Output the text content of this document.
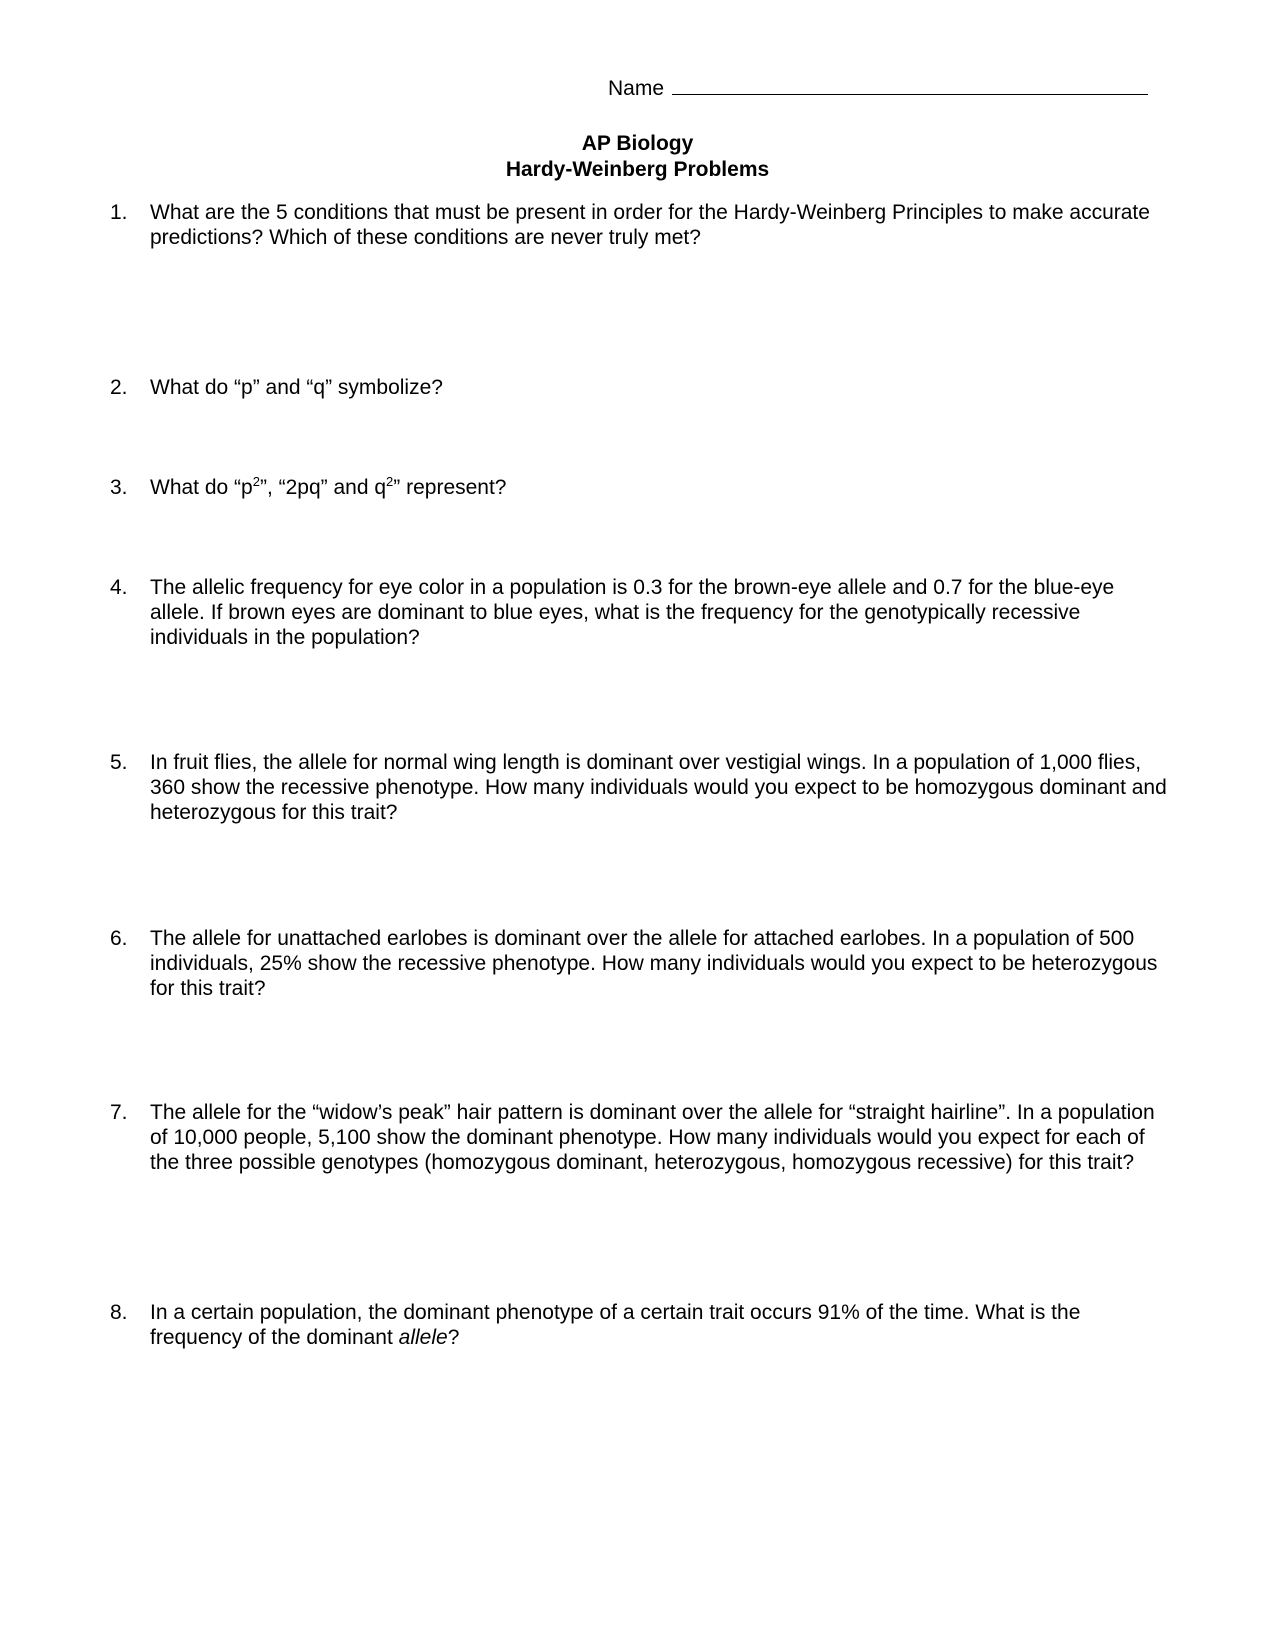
Name
AP Biology
Hardy-Weinberg Problems
1.	What are the 5 conditions that must be present in order for the Hardy-Weinberg Principles to make accurate predictions? Which of these conditions are never truly met?
2.	What do “p” and “q” symbolize?
3.	What do “$p^2$”, “2pq” and $q^2$” represent?
4.	The allelic frequency for eye color in a population is 0.3 for the brown-eye allele and 0.7 for the blue-eye allele. If brown eyes are dominant to blue eyes, what is the frequency for the genotypically recessive individuals in the population?
5.	In fruit flies, the allele for normal wing length is dominant over vestigial wings. In a population of 1,000 flies, 360 show the recessive phenotype. How many individuals would you expect to be homozygous dominant and heterozygous for this trait?
6.	The allele for unattached earlobes is dominant over the allele for attached earlobes. In a population of 500 individuals, 25% show the recessive phenotype. How many individuals would you expect to be heterozygous for this trait?
7.	The allele for the “widow’s peak” hair pattern is dominant over the allele for “straight hairline”. In a population of 10,000 people, 5,100 show the dominant phenotype. How many individuals would you expect for each of the three possible genotypes (homozygous dominant, heterozygous, homozygous recessive) for this trait?
8.	In a certain population, the dominant phenotype of a certain trait occurs 91% of the time. What is the frequency of the dominant allele?
